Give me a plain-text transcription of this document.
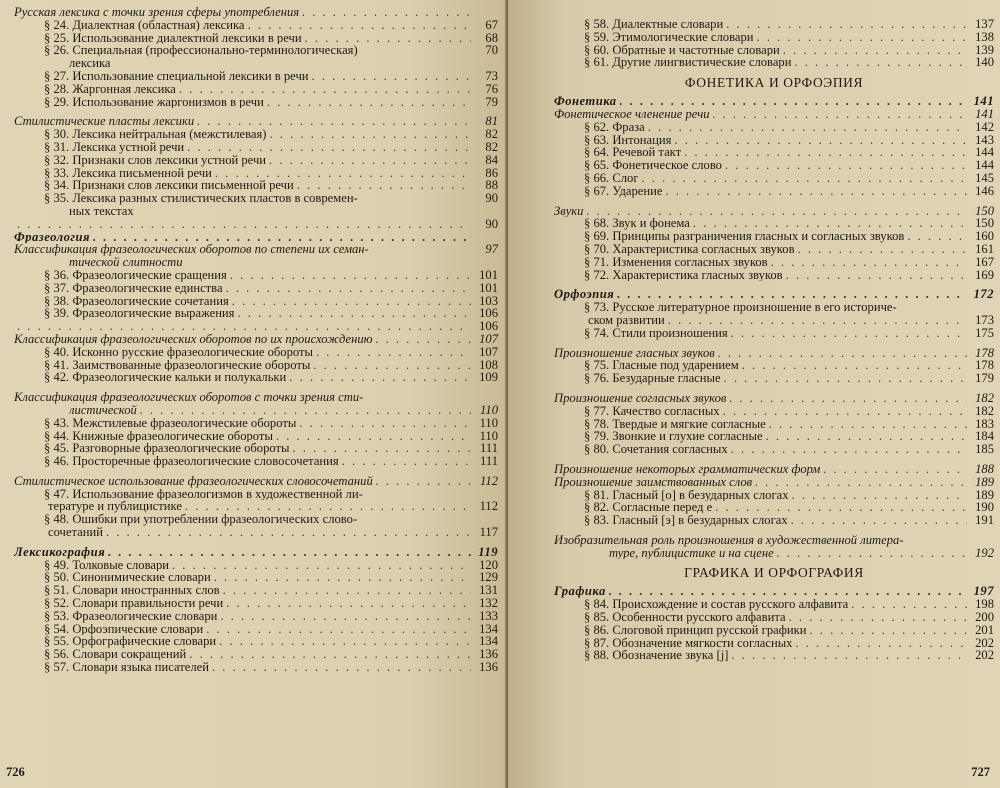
Русская лексика с точки зрения сферы употребления
. . .
§ 24. Диалектная (областная) лексика . . .	67
§ 25. Использование диалектной лексики в речи . . .	68
§ 26. Специальная (профессионально-терминологическая)	70
лексика
§ 27. Использование специальной лексики в речи . . .	73
§ 28. Жаргонная лексика . . .	76
§ 29. Использование жаргонизмов в речи . . .	79
Стилистические пласты лексики . . .	81
§ 30. Лексика нейтральная (межстилевая) . . .	82
§ 31. Лексика устной речи . . .	82
§ 32. Признаки слов лексики устной речи . . .	84
§ 33. Лексика письменной речи . . .	86
§ 34. Признаки слов лексики письменной речи . . .	88
§ 35. Лексика разных стилистических пластов в современ-	90
ных текстах
. . .
90
Фразеология
. . .
Классификация фразеологических оборотов по степени их семан-	97
тической слитности
§ 36. Фразеологические сращения . . .	101
§ 37. Фразеологические единства . . .	101
§ 38. Фразеологические сочетания . . .	103
§ 39. Фразеологические выражения . . .	106
. . .
106
Классификация фразеологических оборотов по их происхождению . . .	107
§ 40. Исконно русские фразеологические обороты . . .	107
§ 41. Заимствованные фразеологические обороты . . .	108
§ 42. Фразеологические кальки и полукальки . . .	109
Классификация фразеологических оборотов с точки зрения сти-
листической . . .	110
§ 43. Межстилевые фразеологические обороты . . .	110
§ 44. Книжные фразеологические обороты . . .	110
§ 45. Разговорные фразеологические обороты . . .	111
§ 46. Просторечные фразеологические словосочетания . . .	111
Стилистическое использование фразеологических словосочетаний . . .	112
§ 47. Использование фразеологизмов в художественной ли-
тературе и публицистике . . .	112
§ 48. Ошибки при употреблении фразеологических слово-
сочетаний . . .	117
Лексикография . . .	119
§ 49. Толковые словари . . .	120
§ 50. Синонимические словари . . .	129
§ 51. Словари иностранных слов . . .	131
§ 52. Словари правильности речи . . .	132
§ 53. Фразеологические словари . . .	133
§ 54. Орфоэпические словари . . .	134
§ 55. Орфографические словари . . .	134
§ 56. Словари сокращений . . .	136
§ 57. Словари языка писателей . . .	136
726
§ 58. Диалектные словари . . .	137
§ 59. Этимологические словари . . .	138
§ 60. Обратные и частотные словари . . .	139
§ 61. Другие лингвистические словари . . .	140
ФОНЕТИКА И ОРФОЭПИЯ
Фонетика . . .	141
Фонетическое членение речи . . .	141
§ 62. Фраза . . .	142
§ 63. Интонация . . .	143
§ 64. Речевой такт . . .	144
§ 65. Фонетическое слово . . .	144
§ 66. Слог . . .	145
§ 67. Ударение . . .	146
Звуки . . .	150
§ 68. Звук и фонема . . .	150
§ 69. Принципы разграничения гласных и согласных звуков . . .	160
§ 70. Характеристика согласных звуков . . .	161
§ 71. Изменения согласных звуков . . .	167
§ 72. Характеристика гласных звуков . . .	169
Орфоэпия . . .	172
§ 73. Русское литературное произношение в его историче-
ском развитии . . .	173
§ 74. Стили произношения . . .	175
Произношение гласных звуков . . .	178
§ 75. Гласные под ударением . . .	178
§ 76. Безударные гласные . . .	179
Произношение согласных звуков . . .	182
§ 77. Качество согласных . . .	182
§ 78. Твердые и мягкие согласные . . .	183
§ 79. Звонкие и глухие согласные . . .	184
§ 80. Сочетания согласных . . .	185
Произношение некоторых грамматических форм . . .	188
Произношение заимствованных слов . . .	189
§ 81. Гласный [о] в безударных слогах . . .	189
§ 82. Согласные перед е . . .	190
§ 83. Гласный [э] в безударных слогах . . .	191
Изобразительная роль произношения в художественной литера-
туре, публицистике и на сцене . . .	192
ГРАФИКА И ОРФОГРАФИЯ
Графика . . .	197
§ 84. Происхождение и состав русского алфавита . . .	198
§ 85. Особенности русского алфавита . . .	200
§ 86. Слоговой принцип русской графики . . .	201
§ 87. Обозначение мягкости согласных . . .	202
§ 88. Обозначение звука [j] . . .	202
727
